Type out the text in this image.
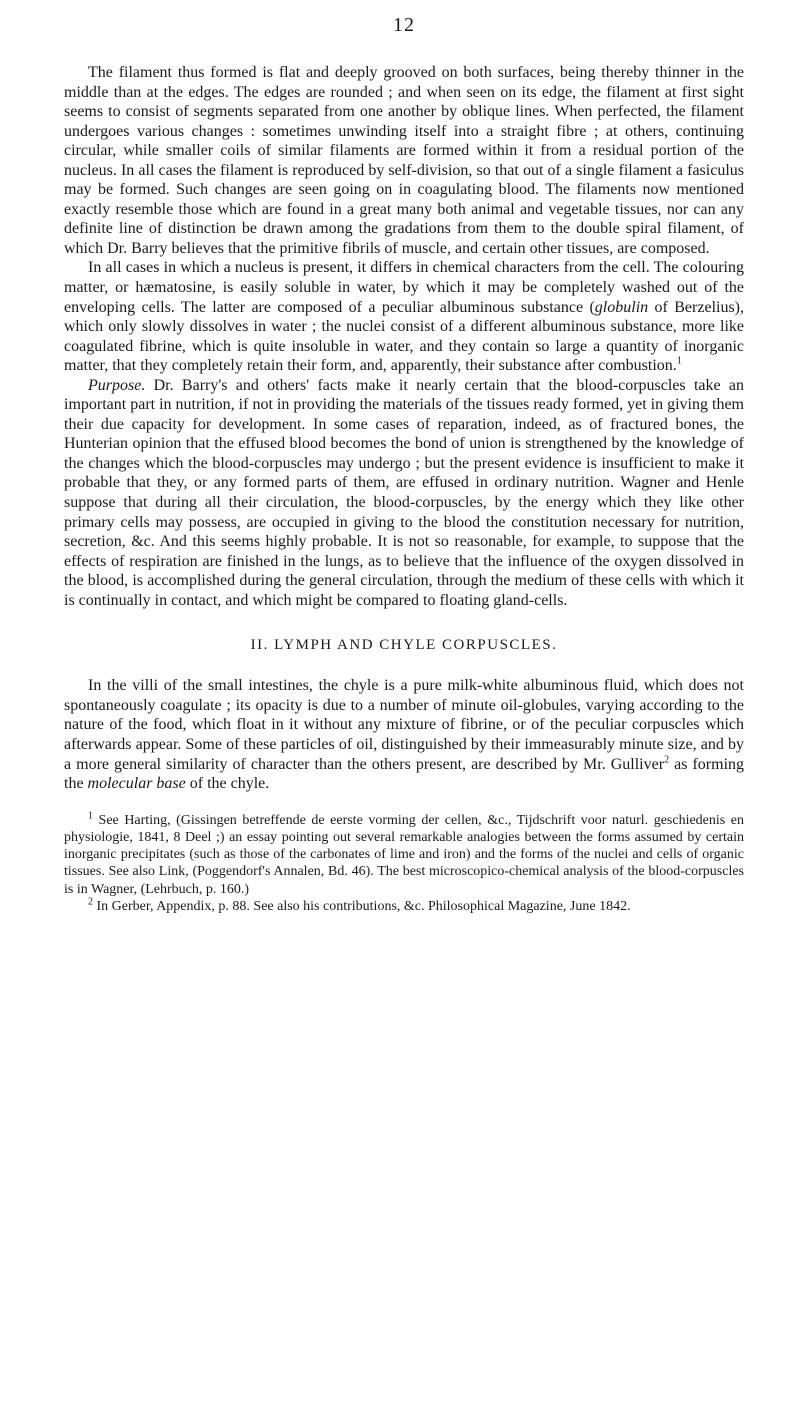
12

The filament thus formed is flat and deeply grooved on both surfaces, being thereby thinner in the middle than at the edges. The edges are rounded ; and when seen on its edge, the filament at first sight seems to consist of segments separated from one another by oblique lines. When perfected, the filament undergoes various changes : sometimes unwinding itself into a straight fibre ; at others, continuing circular, while smaller coils of similar filaments are formed within it from a residual portion of the nucleus. In all cases the filament is reproduced by self-division, so that out of a single filament a fasiculus may be formed. Such changes are seen going on in coagulating blood. The filaments now mentioned exactly resemble those which are found in a great many both animal and vegetable tissues, nor can any definite line of distinction be drawn among the gradations from them to the double spiral filament, of which Dr. Barry believes that the primitive fibrils of muscle, and certain other tissues, are composed.

In all cases in which a nucleus is present, it differs in chemical characters from the cell. The colouring matter, or hæmatosine, is easily soluble in water, by which it may be completely washed out of the enveloping cells. The latter are composed of a peculiar albuminous substance (globulin of Berzelius), which only slowly dissolves in water ; the nuclei consist of a different albuminous substance, more like coagulated fibrine, which is quite insoluble in water, and they contain so large a quantity of inorganic matter, that they completely retain their form, and, apparently, their substance after combustion.$^1$

Purpose. Dr. Barry's and others' facts make it nearly certain that the blood-corpuscles take an important part in nutrition, if not in providing the materials of the tissues ready formed, yet in giving them their due capacity for development. In some cases of reparation, indeed, as of fractured bones, the Hunterian opinion that the effused blood becomes the bond of union is strengthened by the knowledge of the changes which the blood-corpuscles may undergo ; but the present evidence is insufficient to make it probable that they, or any formed parts of them, are effused in ordinary nutrition. Wagner and Henle suppose that during all their circulation, the blood-corpuscles, by the energy which they like other primary cells may possess, are occupied in giving to the blood the constitution necessary for nutrition, secretion, &c. And this seems highly probable. It is not so reasonable, for example, to suppose that the effects of respiration are finished in the lungs, as to believe that the influence of the oxygen dissolved in the blood, is accomplished during the general circulation, through the medium of these cells with which it is continually in contact, and which might be compared to floating gland-cells.

II. LYMPH AND CHYLE CORPUSCLES.

In the villi of the small intestines, the chyle is a pure milk-white albuminous fluid, which does not spontaneously coagulate ; its opacity is due to a number of minute oil-globules, varying according to the nature of the food, which float in it without any mixture of fibrine, or of the peculiar corpuscles which afterwards appear. Some of these particles of oil, distinguished by their immeasurably minute size, and by a more general similarity of character than the others present, are described by Mr. Gulliver$^2$ as forming the molecular base of the chyle.

$^1$ See Harting, (Gissingen betreffende de eerste vorming der cellen, &c., Tijdschrift voor naturl. geschiedenis en physiologie, 1841, 8 Deel ;) an essay pointing out several remarkable analogies between the forms assumed by certain inorganic precipitates (such as those of the carbonates of lime and iron) and the forms of the nuclei and cells of organic tissues. See also Link, (Poggendorf's Annalen, Bd. 46). The best microscopico-chemical analysis of the blood-corpuscles is in Wagner, (Lehrbuch, p. 160.)

$^2$ In Gerber, Appendix, p. 88. See also his contributions, &c. Philosophical Magazine, June 1842.
